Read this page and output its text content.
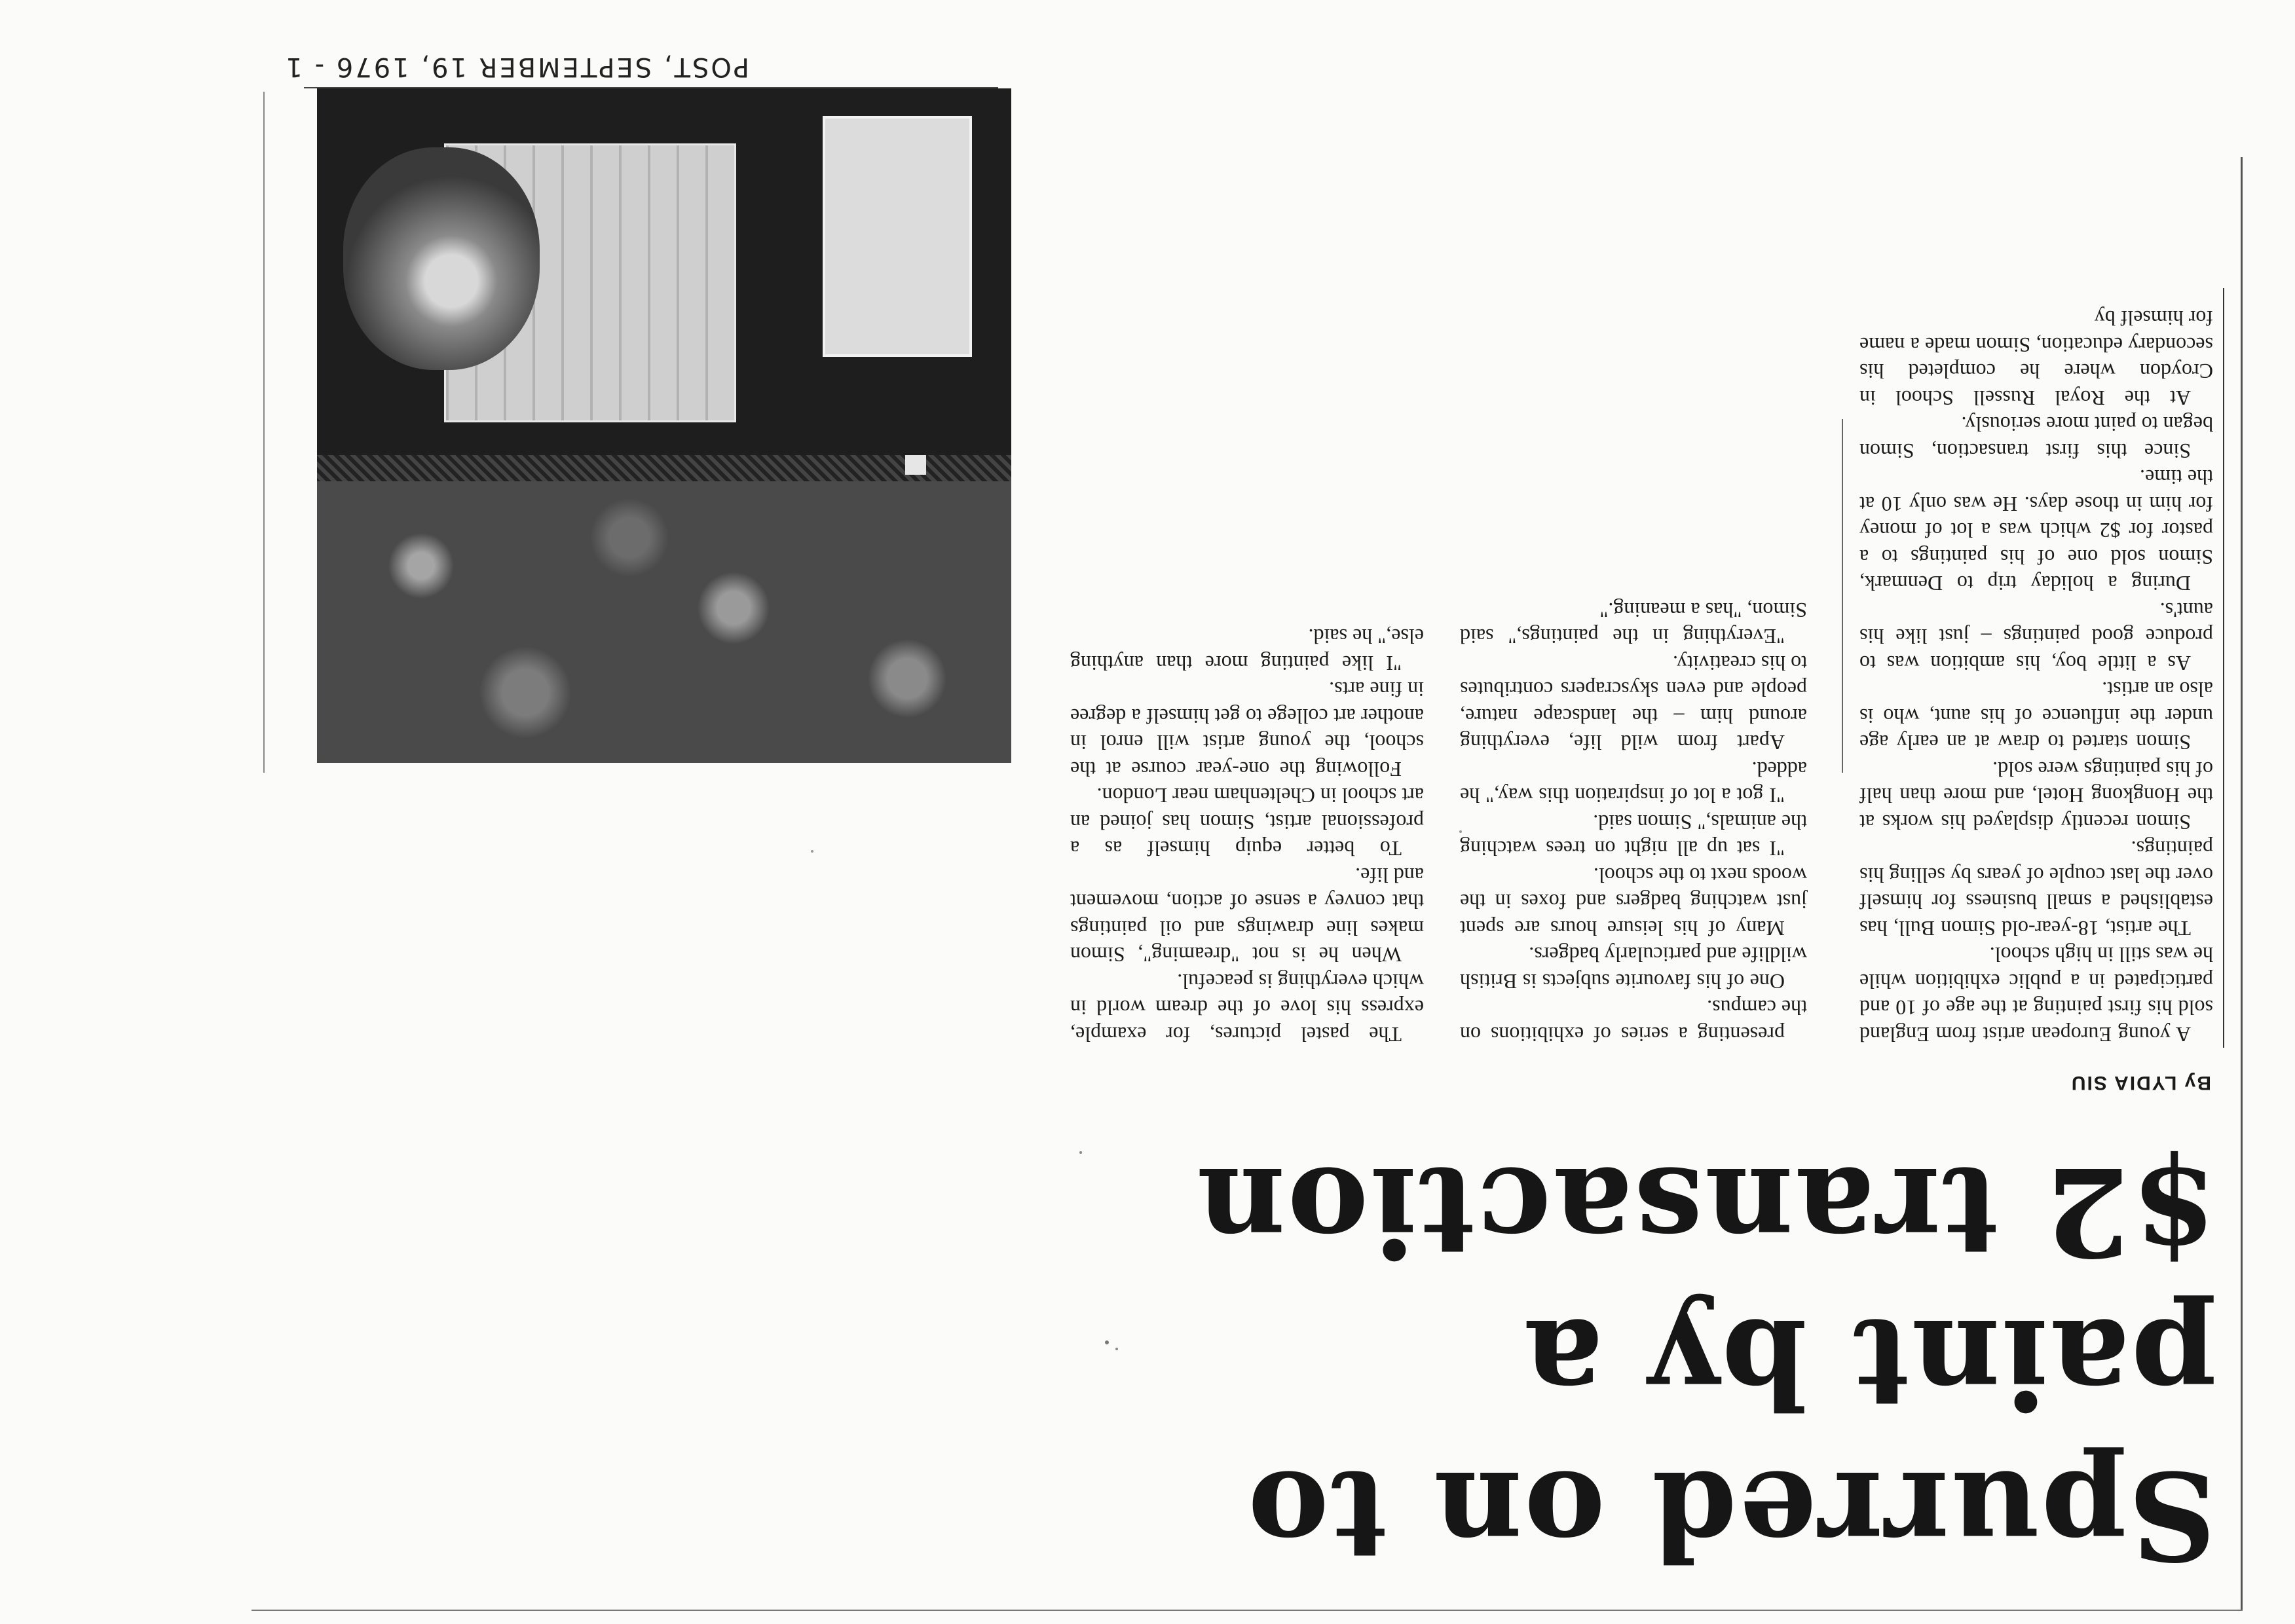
Spurred on to
paint by a
$2 transaction
By LYDIA SIU

A young European artist from England sold his first painting at the age of 10 and participated in a public exhibition while he was still in high school.

The artist, 18-year-old Simon Bull, has established a small business for himself over the last couple of years by selling his paintings.

Simon recently displayed his works at the Hongkong Hotel, and more than half of his paintings were sold.

Simon started to draw at an early age under the influence of his aunt, who is also an artist.

As a little boy, his ambition was to produce good paintings – just like his aunt's.

During a holiday trip to Denmark, Simon sold one of his paintings to a pastor for $2 which was a lot of money for him in those days. He was only 10 at the time.

Since this first transaction, Simon began to paint more seriously.

At the Royal Russell School in Croydon where he completed his secondary education, Simon made a name for himself by

presenting a series of exhibitions on the campus.

One of his favourite subjects is British wildlife and particularly badgers.

Many of his leisure hours are spent just watching badgers and foxes in the woods next to the school.

"I sat up all night on trees watching the animals," Simon said.

"I got a lot of inspiration this way," he added.

Apart from wild life, everything around him – the landscape nature, people and even skyscrapers contributes to his creativity.

"Everything in the paintings," said Simon, "has a meaning."

The pastel pictures, for example, express his love of the dream world in which everything is peaceful.

When he is not "dreaming", Simon makes line drawings and oil paintings that convey a sense of action, movement and life.

To better equip himself as a professional artist, Simon has joined an art school in Cheltenham near London.

Following the one-year course at the school, the young artist will enrol in another art college to get himself a degree in fine arts.

"I like painting more than anything else," he said.

POST, SEPTEMBER 19, 1976 - 1
